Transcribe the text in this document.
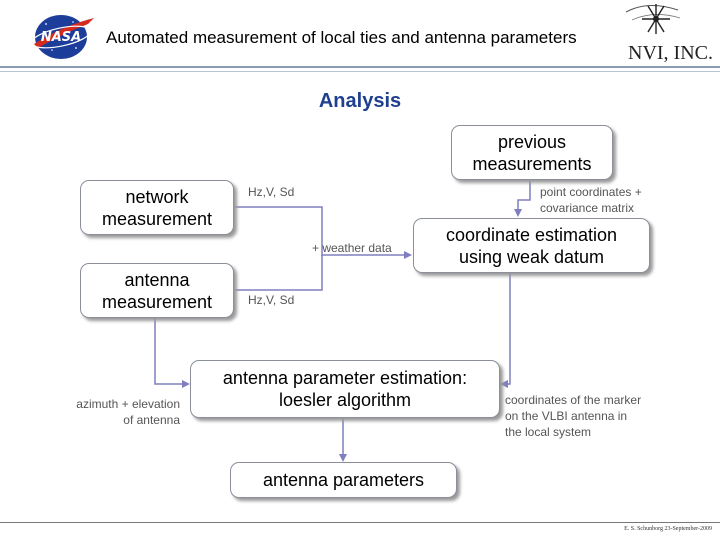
NASA Automated measurement of local ties and antenna parameters
NVI, INC.
Analysis
previous
measurements
network
measurement
antenna
measurement
coordinate estimation
using weak datum
antenna parameter estimation:
loesler algorithm
antenna parameters
Hz,V, Sd
+ weather data
Hz,V, Sd
point coordinates +
covariance matrix
azimuth + elevation
of antenna
coordinates of the marker
on the VLBI antenna in
the local system
E. S. Schunborg 23-September-2009
